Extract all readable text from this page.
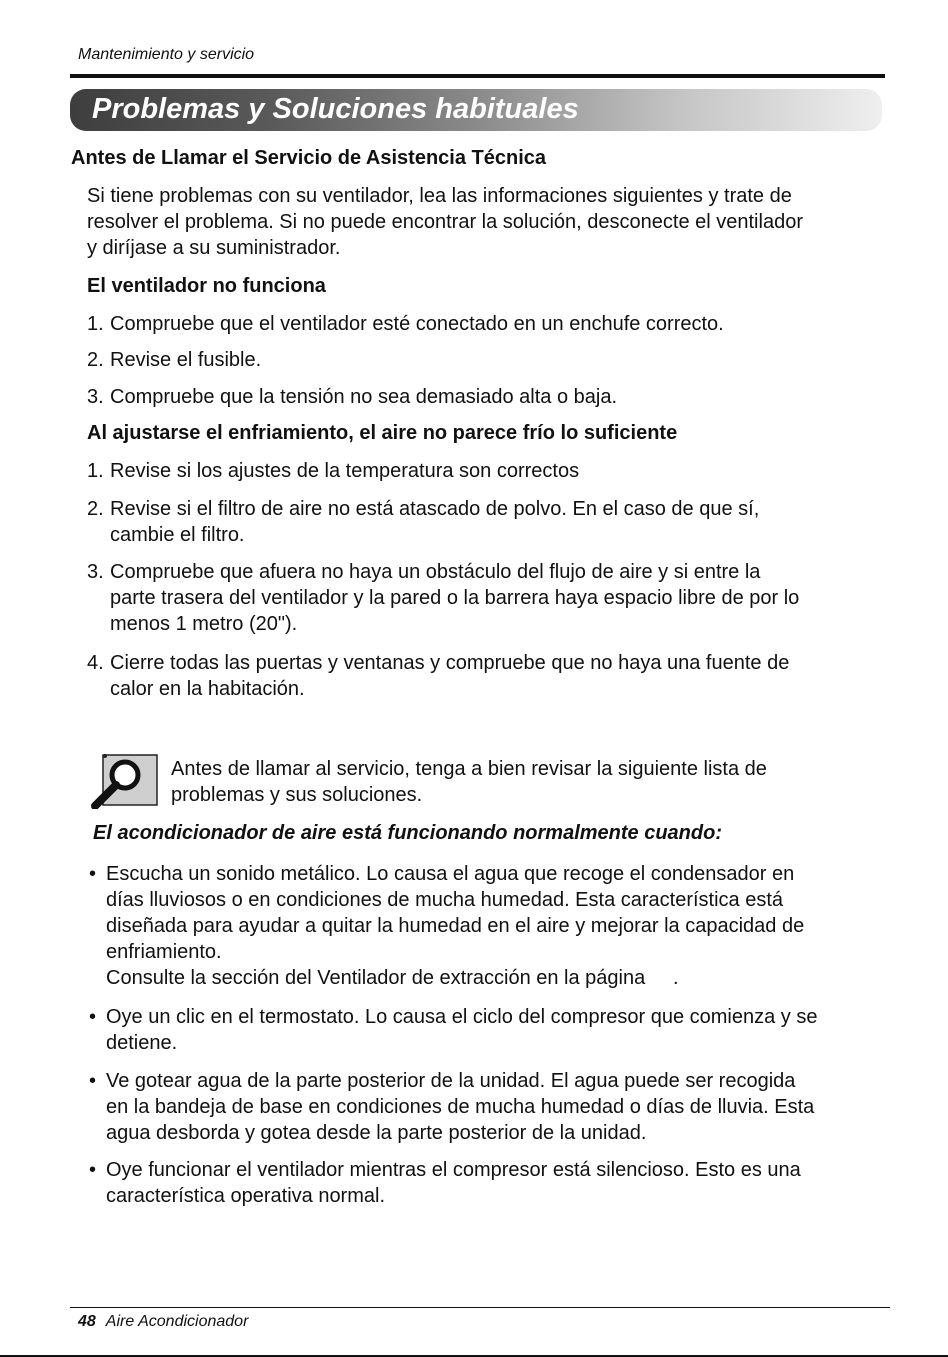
Mantenimiento y servicio
Problemas y Soluciones habituales
Antes de Llamar el Servicio de Asistencia Técnica
Si tiene problemas con su ventilador, lea las informaciones siguientes y trate de
resolver el problema. Si no puede encontrar la solución, desconecte el ventilador
y diríjase a su suministrador.
El ventilador no funciona
1. Compruebe que el ventilador esté conectado en un enchufe correcto.
2. Revise el fusible.
3. Compruebe que la tensión no sea demasiado alta o baja.
Al ajustarse el enfriamiento, el aire no parece frío lo suficiente
1. Revise si los ajustes de la temperatura son correctos
2. Revise si el filtro de aire no está atascado de polvo. En el caso de que sí,
cambie el filtro.
3. Compruebe que afuera no haya un obstáculo del flujo de aire y si entre la
parte trasera del ventilador y la pared o la barrera haya espacio libre de por lo
menos 1 metro (20").
4. Cierre todas las puertas y ventanas y compruebe que no haya una fuente de
calor en la habitación.
Antes de llamar al servicio, tenga a bien revisar la siguiente lista de
problemas y sus soluciones.
El acondicionador de aire está funcionando normalmente cuando:
• Escucha un sonido metálico. Lo causa el agua que recoge el condensador en
días lluviosos o en condiciones de mucha humedad. Esta característica está
diseñada para ayudar a quitar la humedad en el aire y mejorar la capacidad de
enfriamiento.
Consulte la sección del Ventilador de extracción en la página     .
• Oye un clic en el termostato. Lo causa el ciclo del compresor que comienza y se
detiene.
• Ve gotear agua de la parte posterior de la unidad. El agua puede ser recogida
en la bandeja de base en condiciones de mucha humedad o días de lluvia. Esta
agua desborda y gotea desde la parte posterior de la unidad.
• Oye funcionar el ventilador mientras el compresor está silencioso. Esto es una
característica operativa normal.
48 Aire Acondicionador
